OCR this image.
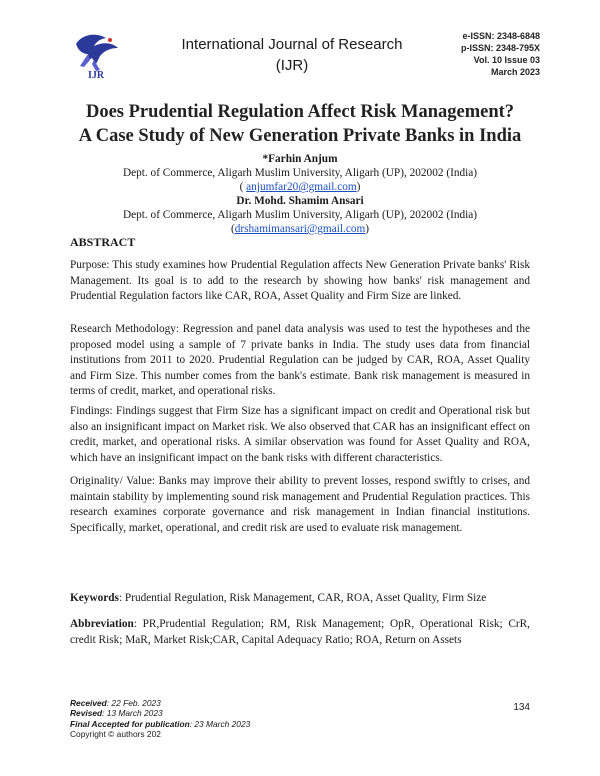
IJR
International Journal of Research
(IJR)
e-ISSN: 2348-6848
p-ISSN: 2348-795X
Vol. 10 Issue 03
March 2023
Does Prudential Regulation Affect Risk Management?
A Case Study of New Generation Private Banks in India
*Farhin Anjum
Dept. of Commerce, Aligarh Muslim University, Aligarh (UP), 202002 (India)
( anjumfar20@gmail.com)
Dr. Mohd. Shamim Ansari
Dept. of Commerce, Aligarh Muslim University, Aligarh (UP), 202002 (India)
(drshamimansari@gmail.com)
ABSTRACT

Purpose: This study examines how Prudential Regulation affects New Generation Private banks' Risk Management. Its goal is to add to the research by showing how banks' risk management and Prudential Regulation factors like CAR, ROA, Asset Quality and Firm Size are linked.

Research Methodology: Regression and panel data analysis was used to test the hypotheses and the proposed model using a sample of 7 private banks in India. The study uses data from financial institutions from 2011 to 2020. Prudential Regulation can be judged by CAR, ROA, Asset Quality and Firm Size. This number comes from the bank's estimate. Bank risk management is measured in terms of credit, market, and operational risks.

Findings: Findings suggest that Firm Size has a significant impact on credit and Operational risk but also an insignificant impact on Market risk. We also observed that CAR has an insignificant effect on credit, market, and operational risks. A similar observation was found for Asset Quality and ROA, which have an insignificant impact on the bank risks with different characteristics.

Originality/ Value: Banks may improve their ability to prevent losses, respond swiftly to crises, and maintain stability by implementing sound risk management and Prudential Regulation practices. This research examines corporate governance and risk management in Indian financial institutions. Specifically, market, operational, and credit risk are used to evaluate risk management.

Keywords: Prudential Regulation, Risk Management, CAR, ROA, Asset Quality, Firm Size

Abbreviation: PR,Prudential Regulation; RM, Risk Management; OpR, Operational Risk; CrR, credit Risk; MaR, Market Risk;CAR, Capital Adequacy Ratio; ROA, Return on Assets

Received: 22 Feb. 2023
Revised: 13 March 2023
Final Accepted for publication: 23 March 2023
Copyright © authors 202
134
